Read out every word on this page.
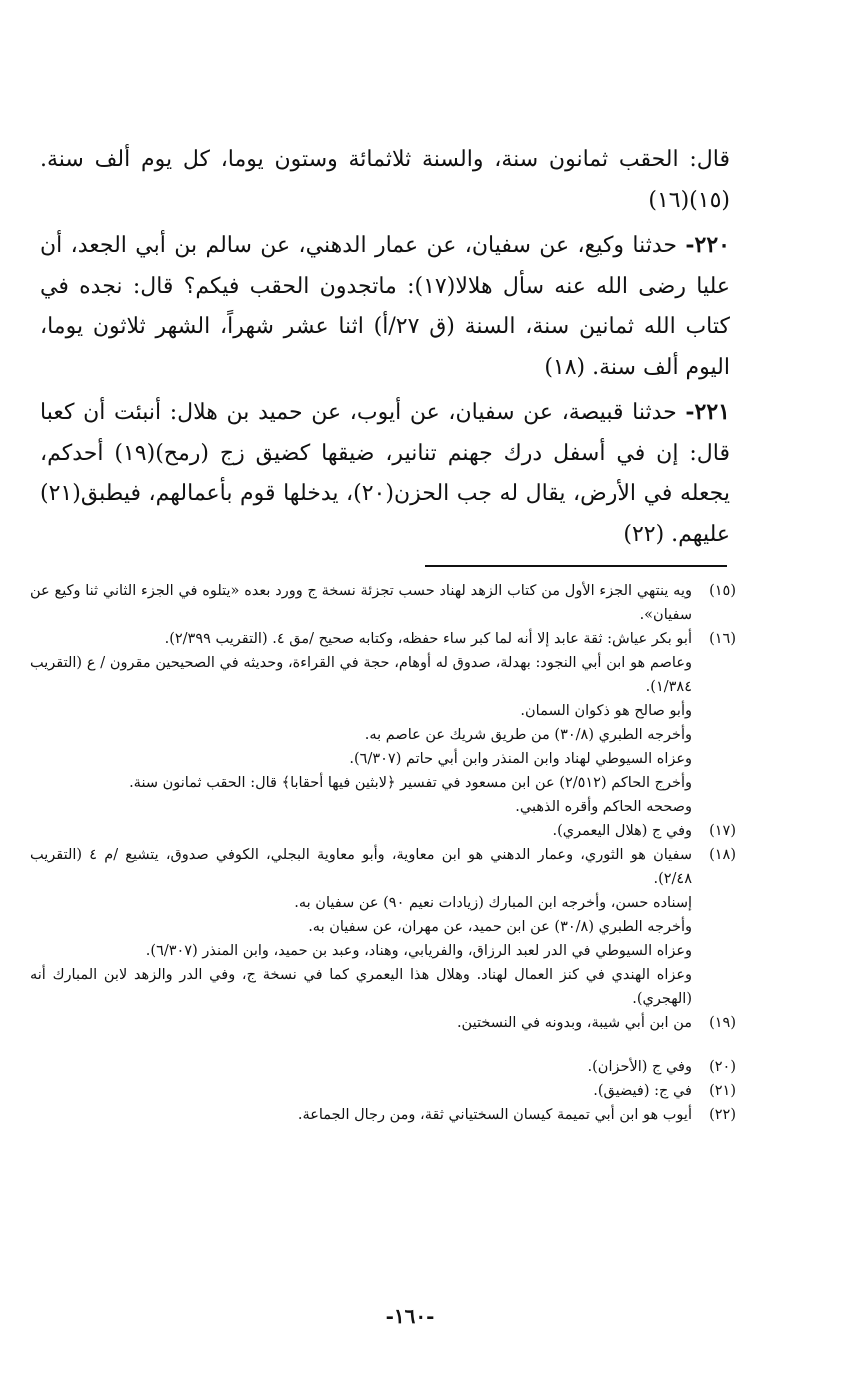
قال: الحقب ثمانون سنة، والسنة ثلاثمائة وستون يوما، كل يوم ألف سنة. (١٥)(١٦)

٢٢٠- حدثنا وكيع، عن سفيان، عن عمار الدهني، عن سالم بن أبي الجعد، أن عليا رضى الله عنه سأل هلالا(١٧): ماتجدون الحقب فيكم؟ قال: نجده في كتاب الله ثمانين سنة، السنة (ق ٢٧/أ) اثنا عشر شهراً، الشهر ثلاثون يوما، اليوم ألف سنة. (١٨)

٢٢١- حدثنا قبيصة، عن سفيان، عن أيوب، عن حميد بن هلال: أنبئت أن كعبا قال: إن في أسفل درك جهنم تنانير، ضيقها كضيق زج (رمح)(١٩) أحدكم، يجعله في الأرض، يقال له جب الحزن(٢٠)، يدخلها قوم بأعمالهم، فيطبق(٢١) عليهم. (٢٢)

(١٥)
ويه ينتهي الجزء الأول من كتاب الزهد لهناد حسب تجزئة نسخة ج وورد بعده «يتلوه في الجزء الثاني ثنا وكيع عن سفيان».
(١٦)
أبو بكر عياش: ثقة عابد إلا أنه لما كبر ساء حفظه، وكتابه صحيح /مق ٤. (التقريب ٢/٣٩٩).
وعاصم هو ابن أبي النجود: بهدلة، صدوق له أوهام، حجة في القراءة، وحديثه في الصحيحين مقرون / ع (التقريب ١/٣٨٤).
وأبو صالح هو ذكوان السمان.
وأخرجه الطبري (٣٠/٨) من طريق شريك عن عاصم به.
وعزاه السيوطي لهناد وابن المنذر وابن أبي حاتم (٦/٣٠٧).
وأخرج الحاكم (٢/٥١٢) عن ابن مسعود في تفسير ﴿لابثين فيها أحقابا﴾ قال: الحقب ثمانون سنة.
وصححه الحاكم وأقره الذهبي.
(١٧)
وفي ج (هلال اليعمري).
(١٨)
سفيان هو الثوري، وعمار الدهني هو ابن معاوية، وأبو معاوية البجلي، الكوفي صدوق، يتشيع /م ٤ (التقريب ٢/٤٨).
إسناده حسن، وأخرجه ابن المبارك (زيادات نعيم ٩٠) عن سفيان به.
وأخرجه الطبري (٣٠/٨) عن ابن حميد، عن مهران، عن سفيان به.
وعزاه السيوطي في الدر لعبد الرزاق، والفريابي، وهناد، وعبد بن حميد، وابن المنذر (٦/٣٠٧).
وعزاه الهندي في كنز العمال لهناد. وهلال هذا اليعمري كما في نسخة ج، وفي الدر والزهد لابن المبارك أنه (الهجري).
(١٩)
من ابن أبي شيبة، وبدونه في النسختين.
(٢٠)
وفي ج (الأحزان).
(٢١)
في ج: (فيضيق).
(٢٢)
أيوب هو ابن أبي تميمة كيسان السختياني ثقة، ومن رجال الجماعة.
-١٦٠-
